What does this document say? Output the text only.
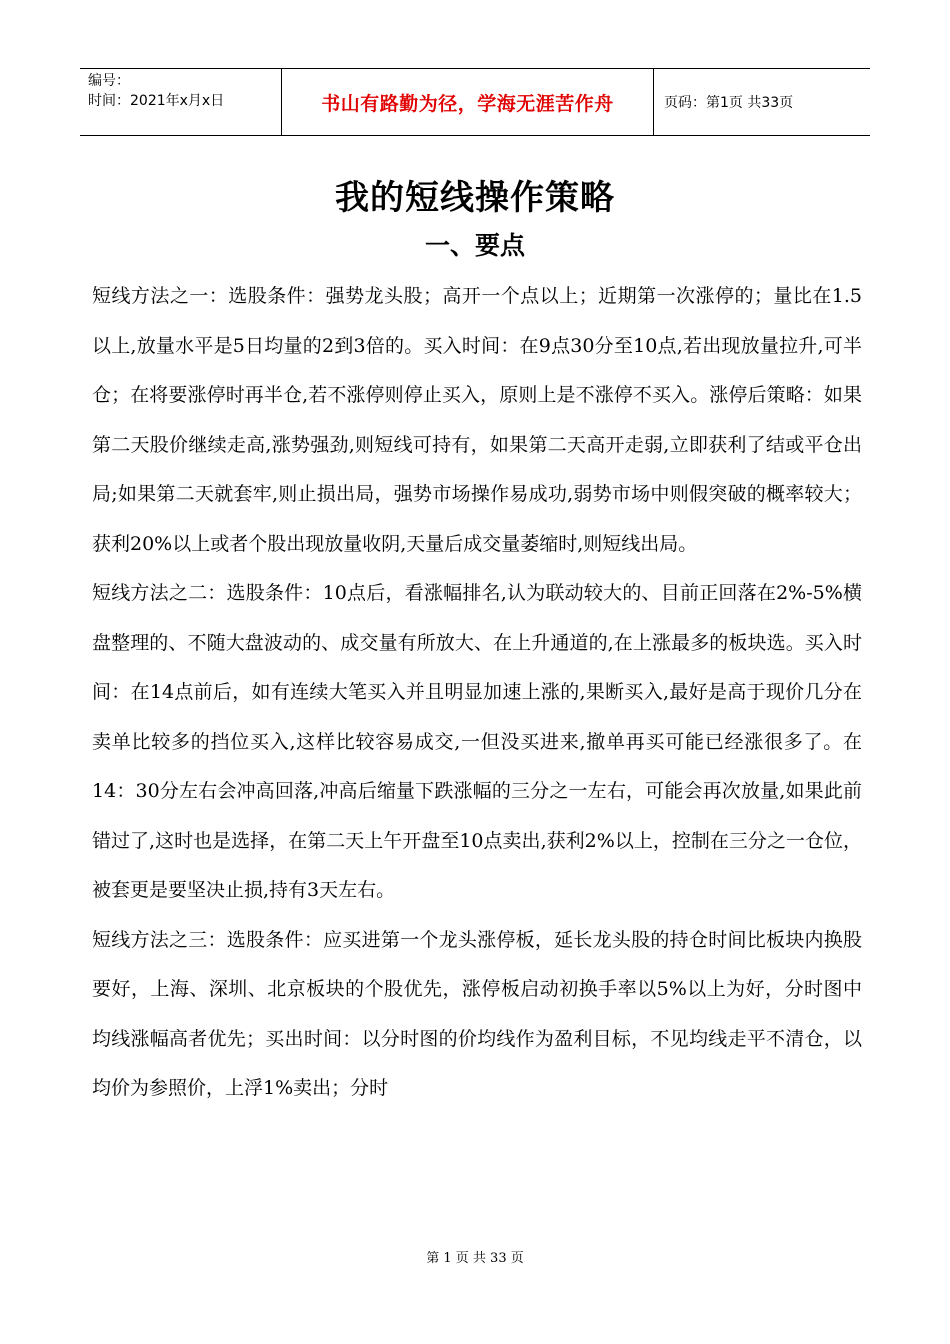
编号：
时间：2021年x月x日	书山有路勤为径，学海无涯苦作舟	页码：第1页 共33页
我的短线操作策略
一、要点

短线方法之一：选股条件：强势龙头股；高开一个点以上；近期第一次涨停的；量比在1.5以上,放量水平是5日均量的2到3倍的。买入时间：在9点30分至10点,若出现放量拉升,可半仓；在将要涨停时再半仓,若不涨停则停止买入，原则上是不涨停不买入。涨停后策略：如果第二天股价继续走高,涨势强劲,则短线可持有，如果第二天高开走弱,立即获利了结或平仓出局;如果第二天就套牢,则止损出局，强势市场操作易成功,弱势市场中则假突破的概率较大；获利20%以上或者个股出现放量收阴,天量后成交量萎缩时,则短线出局。

短线方法之二：选股条件：10点后，看涨幅排名,认为联动较大的、目前正回落在2%-5%横盘整理的、不随大盘波动的、成交量有所放大、在上升通道的,在上涨最多的板块选。买入时间：在14点前后，如有连续大笔买入并且明显加速上涨的,果断买入,最好是高于现价几分在卖单比较多的挡位买入,这样比较容易成交,一但没买进来,撤单再买可能已经涨很多了。在14：30分左右会冲高回落,冲高后缩量下跌涨幅的三分之一左右，可能会再次放量,如果此前错过了,这时也是选择，在第二天上午开盘至10点卖出,获利2%以上，控制在三分之一仓位，被套更是要坚决止损,持有3天左右。

短线方法之三：选股条件：应买进第一个龙头涨停板，延长龙头股的持仓时间比板块内换股要好，上海、深圳、北京板块的个股优先，涨停板启动初换手率以5%以上为好，分时图中均线涨幅高者优先；买出时间：以分时图的价均线作为盈利目标，不见均线走平不清仓，以均价为参照价，上浮1%卖出；分时

第 1 页 共 33 页
